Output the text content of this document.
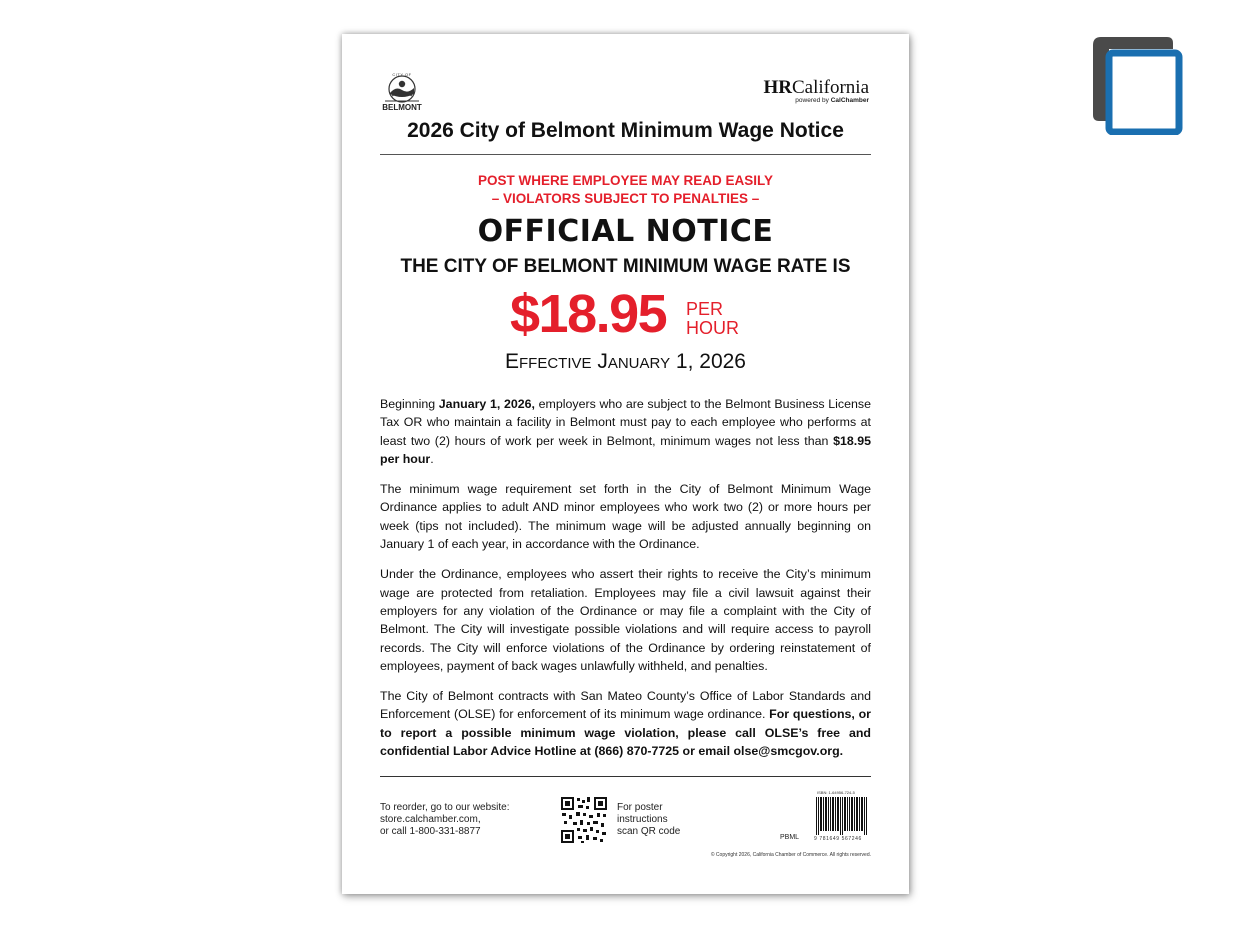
CITY OF
BELMONT
HRCalifornia
powered by CalChamber
2026 City of Belmont Minimum Wage Notice
POST WHERE EMPLOYEE MAY READ EASILY
– VIOLATORS SUBJECT TO PENALTIES –
OFFICIAL NOTICE
THE CITY OF BELMONT MINIMUM WAGE RATE IS
$18.95 PER
HOUR
Effective January 1, 2026

Beginning January 1, 2026, employers who are subject to the Belmont Business License Tax OR who maintain a facility in Belmont must pay to each employee who performs at least two (2) hours of work per week in Belmont, minimum wages not less than $18.95 per hour.

The minimum wage requirement set forth in the City of Belmont Minimum Wage Ordinance applies to adult AND minor employees who work two (2) or more hours per week (tips not included). The minimum wage will be adjusted annually beginning on January 1 of each year, in accordance with the Ordinance.

Under the Ordinance, employees who assert their rights to receive the City’s minimum wage are protected from retaliation. Employees may file a civil lawsuit against their employers for any violation of the Ordinance or may file a complaint with the City of Belmont. The City will investigate possible violations and will require access to payroll records. The City will enforce violations of the Ordinance by ordering reinstatement of employees, payment of back wages unlawfully withheld, and penalties.

The City of Belmont contracts with San Mateo County’s Office of Labor Standards and Enforcement (OLSE) for enforcement of its minimum wage ordinance. For questions, or to report a possible minimum wage violation, please call OLSE’s free and confidential Labor Advice Hotline at (866) 870-7725 or email olse@smcgov.org.

To reorder, go to our website:
store.calchamber.com,
or call 1-800-331-8877
For poster
instructions
scan QR code
ISBN: 1-64956-724-5
PBML	9 781649 567246
© Copyright 2026, California Chamber of Commerce. All rights reserved.
